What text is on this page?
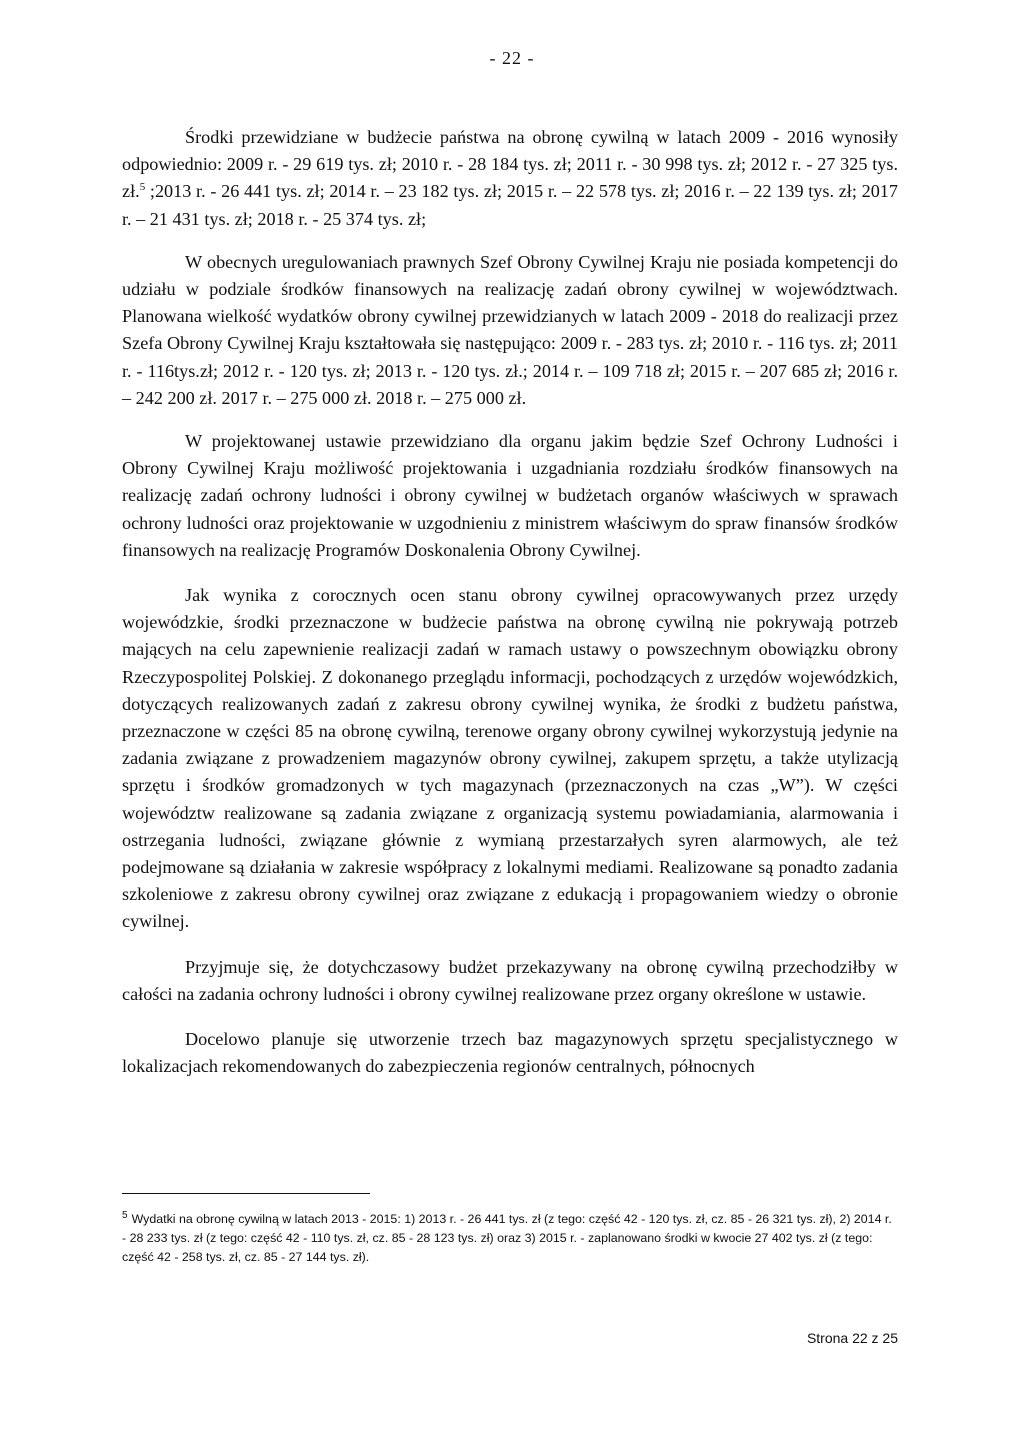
- 22 -

Środki przewidziane w budżecie państwa na obronę cywilną w latach 2009 - 2016 wynosiły odpowiednio: 2009 r. - 29 619 tys. zł; 2010 r. - 28 184 tys. zł; 2011 r. - 30 998 tys. zł; 2012 r. - 27 325 tys. zł.$^5$ ;2013 r. - 26 441 tys. zł; 2014 r. – 23 182 tys. zł; 2015 r. – 22 578 tys. zł; 2016 r. – 22 139 tys. zł; 2017 r. – 21 431 tys. zł; 2018 r. - 25 374 tys. zł;

W obecnych uregulowaniach prawnych Szef Obrony Cywilnej Kraju nie posiada kompetencji do udziału w podziale środków finansowych na realizację zadań obrony cywilnej w województwach. Planowana wielkość wydatków obrony cywilnej przewidzianych w latach 2009 - 2018 do realizacji przez Szefa Obrony Cywilnej Kraju kształtowała się następująco: 2009 r. - 283 tys. zł; 2010 r. - 116 tys. zł; 2011 r. - 116tys.zł; 2012 r. - 120 tys. zł; 2013 r. - 120 tys. zł.; 2014 r. – 109 718 zł; 2015 r. – 207 685 zł; 2016 r. – 242 200 zł. 2017 r. – 275 000 zł. 2018 r. – 275 000 zł.

W projektowanej ustawie przewidziano dla organu jakim będzie Szef Ochrony Ludności i Obrony Cywilnej Kraju możliwość projektowania i uzgadniania rozdziału środków finansowych na realizację zadań ochrony ludności i obrony cywilnej w budżetach organów właściwych w sprawach ochrony ludności oraz projektowanie w uzgodnieniu z ministrem właściwym do spraw finansów środków finansowych na realizację Programów Doskonalenia Obrony Cywilnej.

Jak wynika z corocznych ocen stanu obrony cywilnej opracowywanych przez urzędy wojewódzkie, środki przeznaczone w budżecie państwa na obronę cywilną nie pokrywają potrzeb mających na celu zapewnienie realizacji zadań w ramach ustawy o powszechnym obowiązku obrony Rzeczypospolitej Polskiej. Z dokonanego przeglądu informacji, pochodzących z urzędów wojewódzkich, dotyczących realizowanych zadań z zakresu obrony cywilnej wynika, że środki z budżetu państwa, przeznaczone w części 85 na obronę cywilną, terenowe organy obrony cywilnej wykorzystują jedynie na zadania związane z prowadzeniem magazynów obrony cywilnej, zakupem sprzętu, a także utylizacją sprzętu i środków gromadzonych w tych magazynach (przeznaczonych na czas „W”). W części województw realizowane są zadania związane z organizacją systemu powiadamiania, alarmowania i ostrzegania ludności, związane głównie z wymianą przestarzałych syren alarmowych, ale też podejmowane są działania w zakresie współpracy z lokalnymi mediami. Realizowane są ponadto zadania szkoleniowe z zakresu obrony cywilnej oraz związane z edukacją i propagowaniem wiedzy o obronie cywilnej.

Przyjmuje się, że dotychczasowy budżet przekazywany na obronę cywilną przechodziłby w całości na zadania ochrony ludności i obrony cywilnej realizowane przez organy określone w ustawie.

Docelowo planuje się utworzenie trzech baz magazynowych sprzętu specjalistycznego w lokalizacjach rekomendowanych do zabezpieczenia regionów centralnych, północnych

$^5$ Wydatki na obronę cywilną w latach 2013 - 2015: 1) 2013 r. - 26 441 tys. zł (z tego: część 42 - 120 tys. zł, cz. 85 - 26 321 tys. zł), 2) 2014 r. - 28 233 tys. zł (z tego: część 42 - 110 tys. zł, cz. 85 - 28 123 tys. zł) oraz 3) 2015 r. - zaplanowano środki w kwocie 27 402 tys. zł (z tego: część 42 - 258 tys. zł, cz. 85 - 27 144 tys. zł).
Strona 22 z 25
